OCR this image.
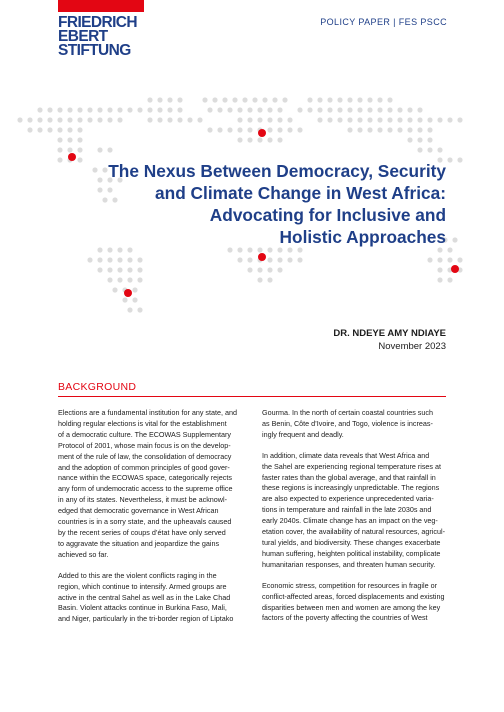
FRIEDRICH
EBERT
STIFTUNG
POLICY PAPER | FES PSCC
The Nexus Between Democracy, Security
and Climate Change in West Africa:
Advocating for Inclusive and
Holistic Approaches
DR. NDEYE AMY NDIAYE
November 2023
BACKGROUND

Elections are a fundamental institution for any state, and
holding regular elections is vital for the establishment
of a democratic culture. The ECOWAS Supplementary
Protocol of 2001, whose main focus is on the develop-
ment of the rule of law, the consolidation of democracy
and the adoption of common principles of good gover-
nance within the ECOWAS space, categorically rejects
any form of undemocratic access to the supreme office
in any of its states. Nevertheless, it must be acknowl-
edged that democratic governance in West African
countries is in a sorry state, and the upheavals caused
by the recent series of coups d’état have only served
to aggravate the situation and jeopardize the gains
achieved so far.

Added to this are the violent conflicts raging in the
region, which continue to intensify. Armed groups are
active in the central Sahel as well as in the Lake Chad
Basin. Violent attacks continue in Burkina Faso, Mali,
and Niger, particularly in the tri-border region of Liptako

Gourma. In the north of certain coastal countries such
as Benin, Côte d’Ivoire, and Togo, violence is increas-
ingly frequent and deadly.

In addition, climate data reveals that West Africa and
the Sahel are experiencing regional temperature rises at
faster rates than the global average, and that rainfall in
these regions is increasingly unpredictable. The regions
are also expected to experience unprecedented varia-
tions in temperature and rainfall in the late 2030s and
early 2040s. Climate change has an impact on the veg-
etation cover, the availability of natural resources, agricul-
tural yields, and biodiversity. These changes exacerbate
human suffering, heighten political instability, complicate
humanitarian responses, and threaten human security.

Economic stress, competition for resources in fragile or
conflict-affected areas, forced displacements and existing
disparities between men and women are among the key
factors of the poverty affecting the countries of West
